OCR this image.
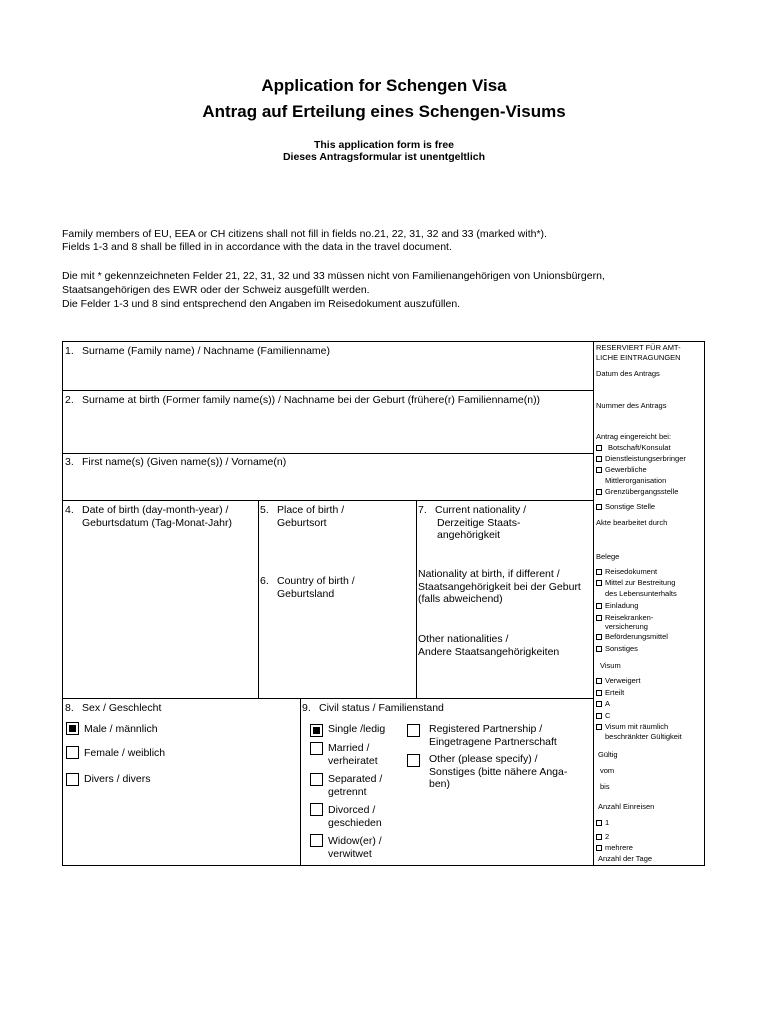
Application for Schengen Visa
Antrag auf Erteilung eines Schengen-Visums
This application form is free
Dieses Antragsformular ist unentgeltlich
Family members of EU, EEA or CH citizens shall not fill in fields no.21, 22, 31, 32 and 33 (marked with*).
Fields 1-3 and 8 shall be filled in in accordance with the data in the travel document.
Die mit * gekennzeichneten Felder 21, 22, 31, 32 und 33 müssen nicht von Familienangehörigen von Unionsbürgern,
Staatsangehörigen des EWR oder der Schweiz ausgefüllt werden.
Die Felder 1-3 und 8 sind entsprechend den Angaben im Reisedokument auszufüllen.
1. Surname (Family name) / Nachname (Familienname)
2. Surname at birth (Former family name(s)) / Nachname bei der Geburt (frühere(r) Familienname(n))
3. First name(s) (Given name(s)) / Vorname(n)
4. Date of birth (day-month-year) /
Geburtsdatum (Tag-Monat-Jahr)
5. Place of birth /
Geburtsort
6. Country of birth /
Geburtsland
7. Current nationality /
Derzeitige Staats-
angehörigkeit
Nationality at birth, if different /
Staatsangehörigkeit bei der Geburt
(falls abweichend)
Other nationalities /
Andere Staatsangehörigkeiten
8. Sex / Geschlecht
Male / männlich
Female / weiblich
Divers / divers
9. Civil status / Familienstand
Single /ledig
Married /
verheiratet
Separated /
getrennt
Divorced /
geschieden
Widow(er) /
verwitwet
Registered Partnership /
Eingetragene Partnerschaft
Other (please specify) /
Sonstiges (bitte nähere Anga-
ben)
RESERVIERT FÜR AMT-
LICHE EINTRAGUNGEN
Datum des Antrags
Nummer des Antrags
Antrag eingereicht bei:
Botschaft/Konsulat
Dienstleistungserbringer
Gewerbliche
Mittlerorganisation
Grenzübergangsstelle
Sonstige Stelle
Akte bearbeitet durch
Belege
Reisedokument
Mittel zur Bestreitung
des Lebensunterhalts
Einladung
Reisekranken-
versicherung
Beförderungsmittel
Sonstiges
Visum
Verweigert
Erteilt
A
C
Visum mit räumlich
beschränkter Gültigkeit
Gültig
vom
bis
Anzahl Einreisen
1
2
mehrere
Anzahl der Tage
